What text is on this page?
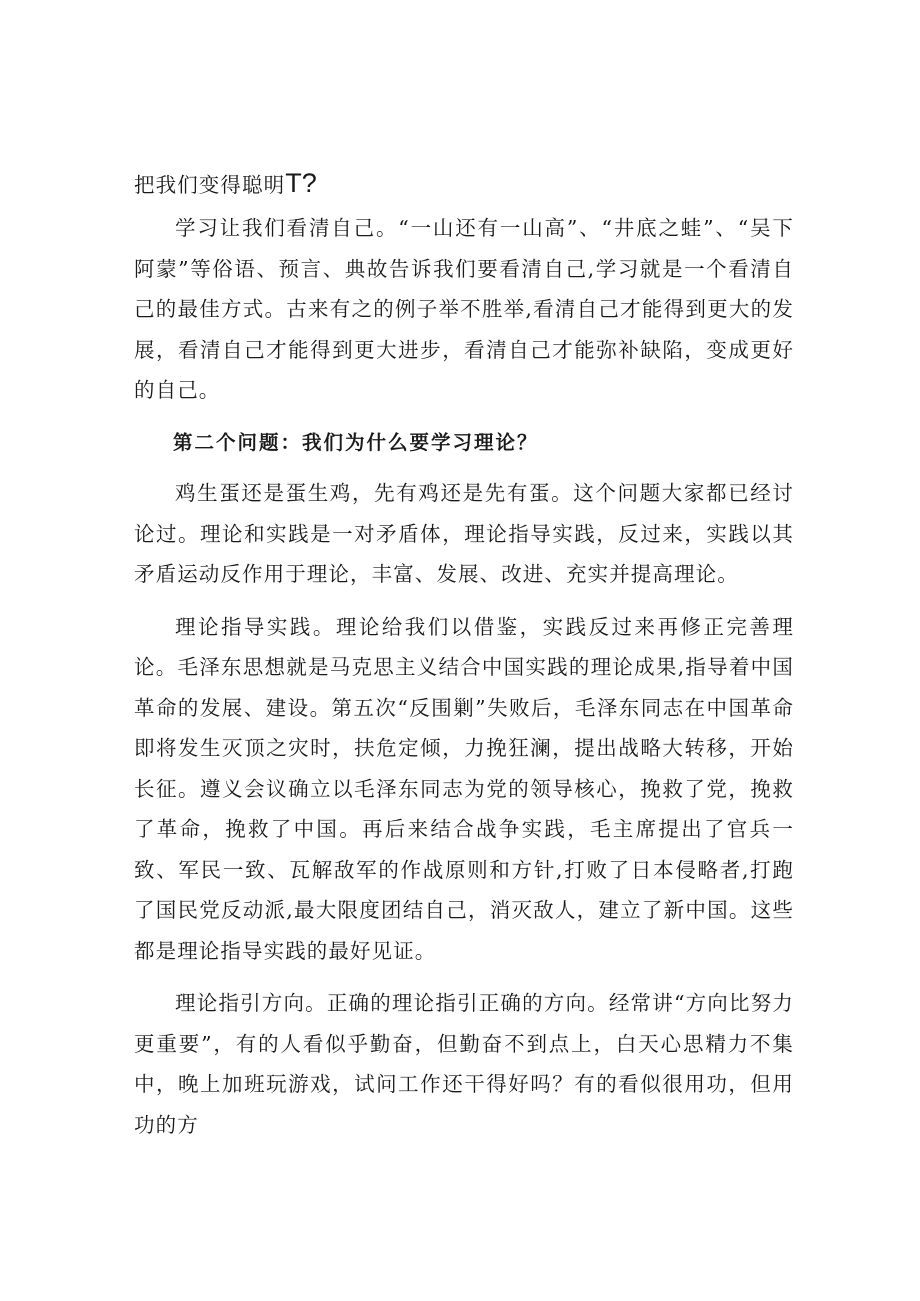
把我们变得聪明T?

学习让我们看清自己。“一山还有一山高”、“井底之蛙”、“吴下阿蒙”等俗语、预言、典故告诉我们要看清自己,学习就是一个看清自己的最佳方式。古来有之的例子举不胜举,看清自己才能得到更大的发展，看清自己才能得到更大进步，看清自己才能弥补缺陷，变成更好的自己。

第二个问题：我们为什么要学习理论？

鸡生蛋还是蛋生鸡，先有鸡还是先有蛋。这个问题大家都已经讨论过。理论和实践是一对矛盾体，理论指导实践，反过来，实践以其矛盾运动反作用于理论，丰富、发展、改进、充实并提高理论。

理论指导实践。理论给我们以借鉴，实践反过来再修正完善理论。毛泽东思想就是马克思主义结合中国实践的理论成果,指导着中国革命的发展、建设。第五次“反围剿”失败后，毛泽东同志在中国革命即将发生灭顶之灾时，扶危定倾，力挽狂澜，提出战略大转移，开始长征。遵义会议确立以毛泽东同志为党的领导核心，挽救了党，挽救了革命，挽救了中国。再后来结合战争实践，毛主席提出了官兵一致、军民一致、瓦解敌军的作战原则和方针,打败了日本侵略者,打跑了国民党反动派,最大限度团结自己，消灭敌人，建立了新中国。这些都是理论指导实践的最好见证。

理论指引方向。正确的理论指引正确的方向。经常讲“方向比努力更重要”，有的人看似乎勤奋，但勤奋不到点上，白天心思精力不集中，晚上加班玩游戏，试问工作还干得好吗？有的看似很用功，但用功的方
